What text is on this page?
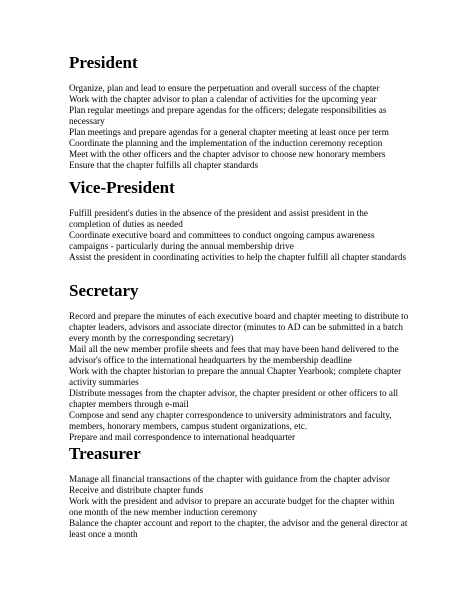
President

Organize, plan and lead to ensure the perpetuation and overall success of the chapter

Work with the chapter advisor to plan a calendar of activities for the upcoming year

Plan regular meetings and prepare agendas for the officers; delegate responsibilities as necessary

Plan meetings and prepare agendas for a general chapter meeting at least once per term

Coordinate the planning and the implementation of the induction ceremony reception

Meet with the other officers and the chapter advisor to choose new honorary members

Ensure that the chapter fulfills all chapter standards

Vice-President

Fulfill president's duties in the absence of the president and assist president in the completion of duties as needed

Coordinate executive board and committees to conduct ongoing campus awareness campaigns - particularly during the annual membership drive

Assist the president in coordinating activities to help the chapter fulfill all chapter standards

Secretary

Record and prepare the minutes of each executive board and chapter meeting to distribute to chapter leaders, advisors and associate director (minutes to AD can be submitted in a batch every month by the corresponding secretary)

Mail all the new member profile sheets and fees that may have been hand delivered to the advisor's office to the international headquarters by the membership deadline

Work with the chapter historian to prepare the annual Chapter Yearbook; complete chapter activity summaries

Distribute messages from the chapter advisor, the chapter president or other officers to all chapter members through e-mail

Compose and send any chapter correspondence to university administrators and faculty, members, honorary members, campus student organizations, etc.

Prepare and mail correspondence to international headquarter

Treasurer

Manage all financial transactions of the chapter with guidance from the chapter advisor

Receive and distribute chapter funds

Work with the president and advisor to prepare an accurate budget for the chapter within one month of the new member induction ceremony

Balance the chapter account and report to the chapter, the advisor and the general director at least once a month
